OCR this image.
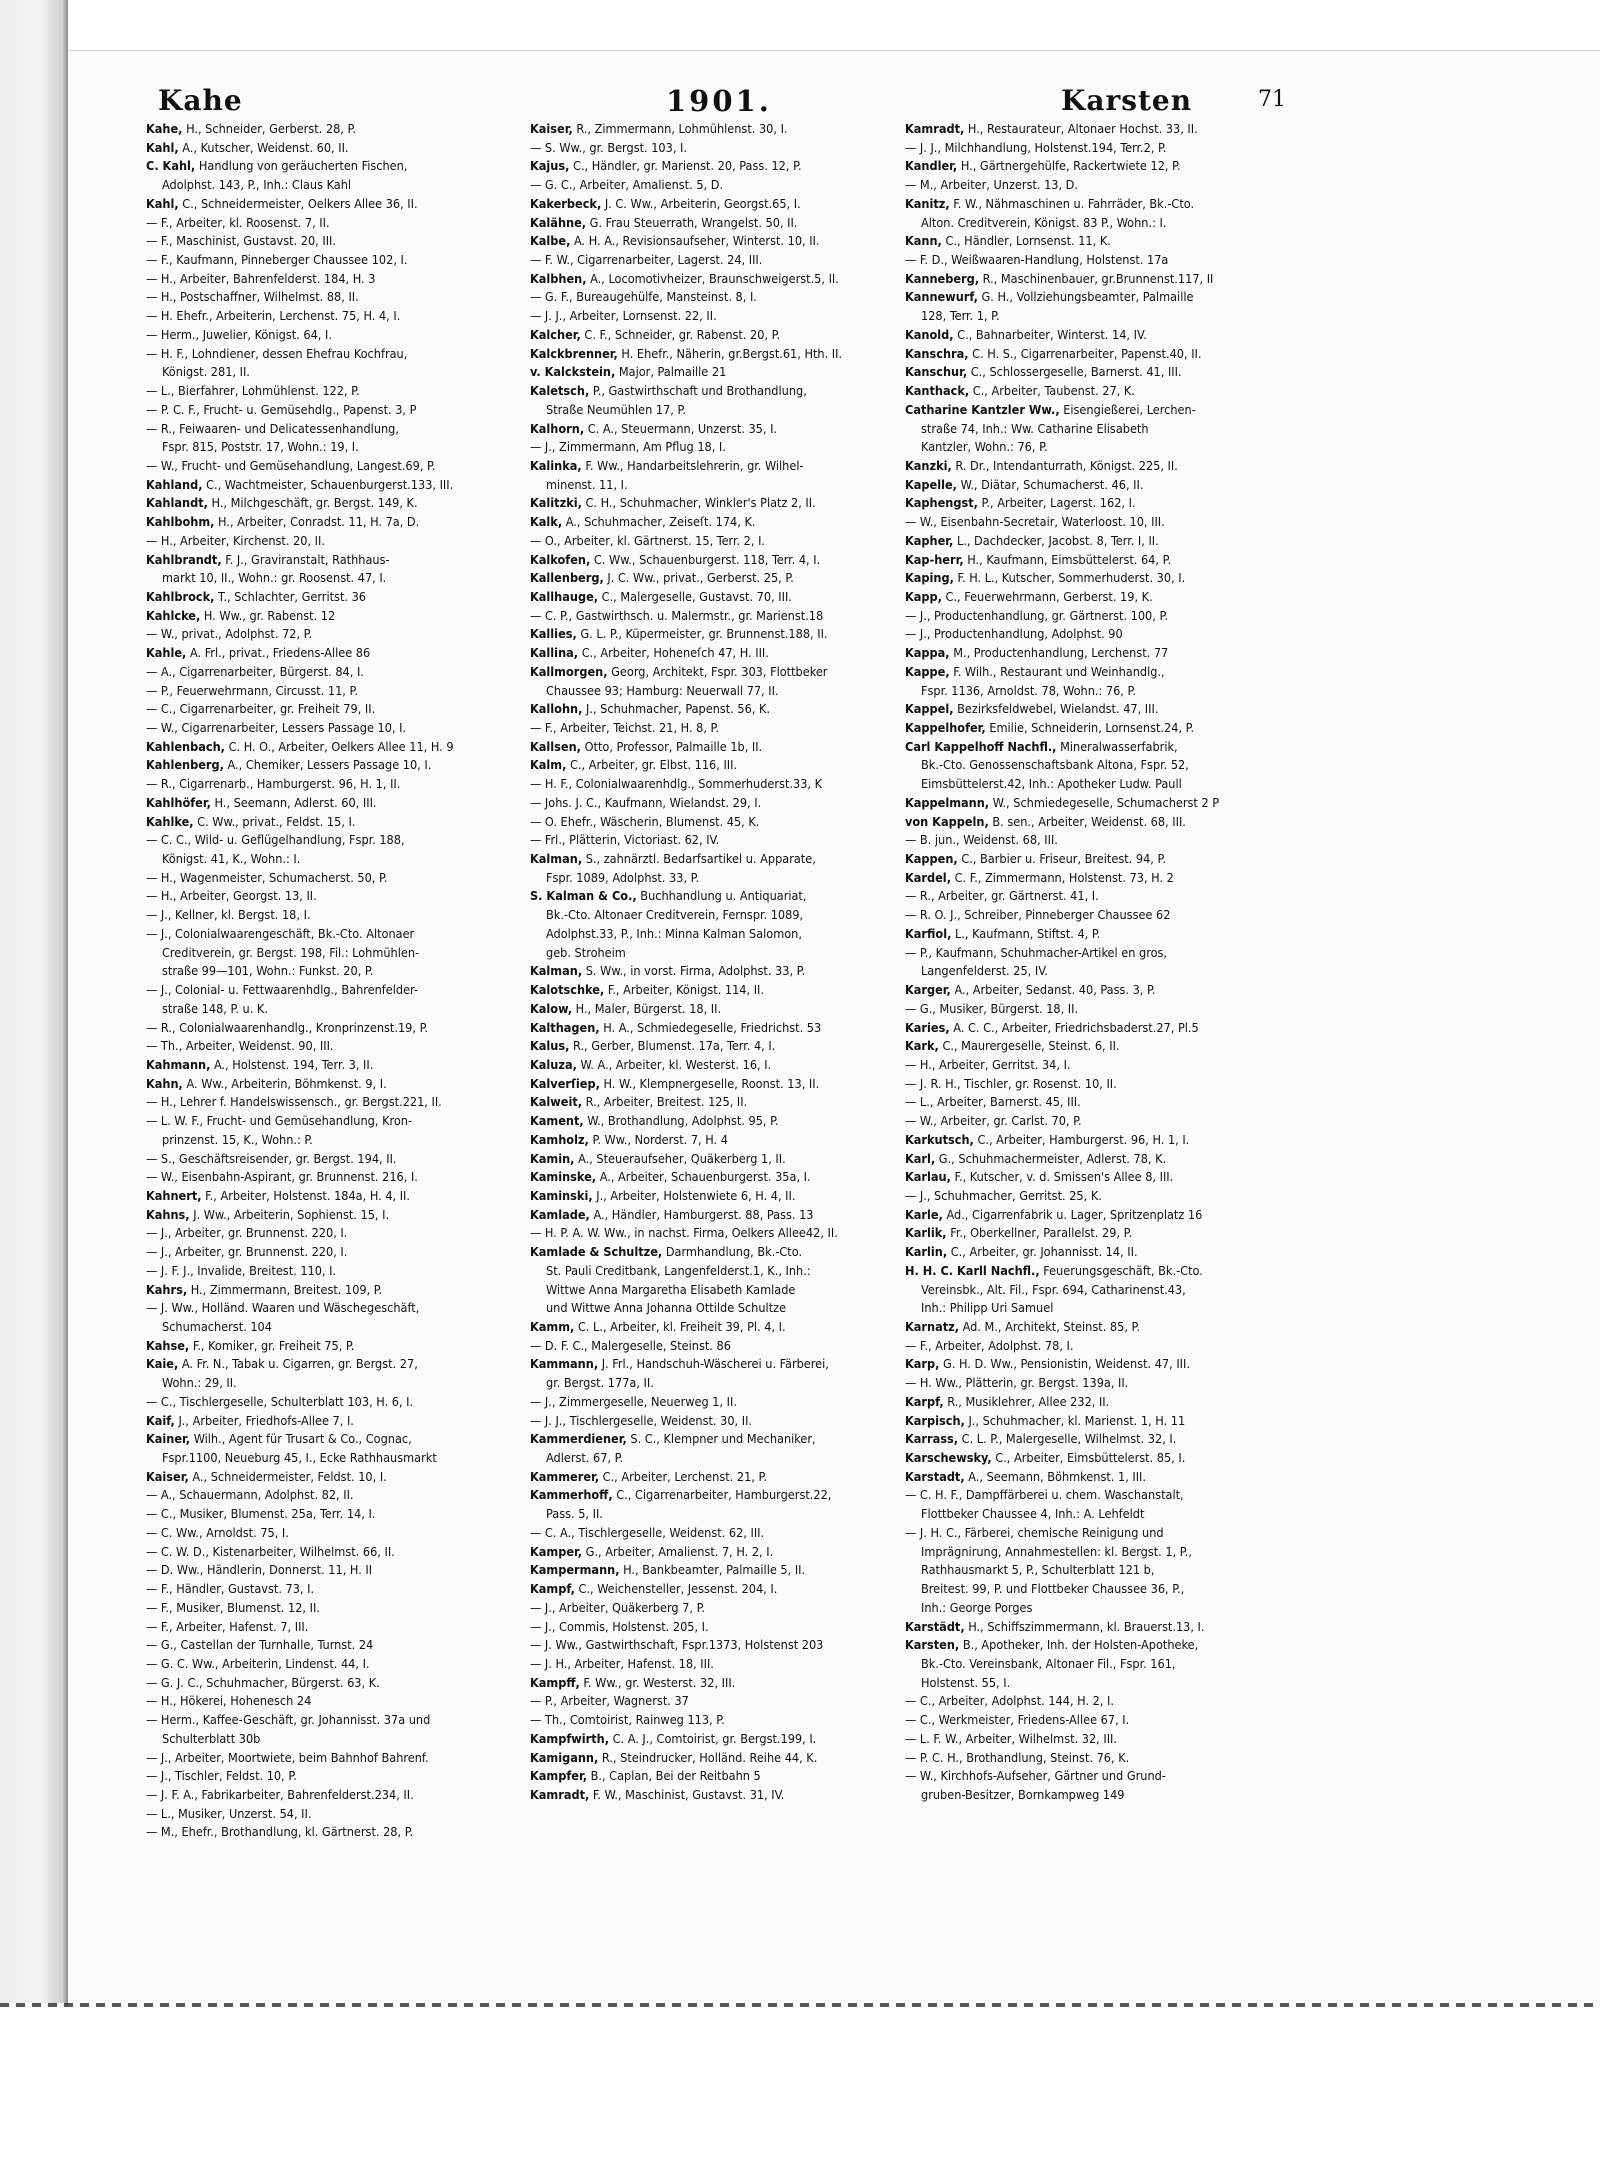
Kahe	1901.	Karsten	71
Kahe, H., Schneider, Gerberst. 28, P.
Kahl, A., Kutscher, Weidenst. 60, II.
C. Kahl, Handlung von geräucherten Fischen,
Adolphst. 143, P., Inh.: Claus Kahl
Kahl, C., Schneidermeister, Oelkers Allee 36, II.
— F., Arbeiter, kl. Roosenst. 7, II.
— F., Maschinist, Gustavst. 20, III.
— F., Kaufmann, Pinneberger Chaussee 102, I.
— H., Arbeiter, Bahrenfelderst. 184, H. 3
— H., Postschaffner, Wilhelmst. 88, II.
— H. Ehefr., Arbeiterin, Lerchenst. 75, H. 4, I.
— Herm., Juwelier, Königst. 64, I.
— H. F., Lohndiener, dessen Ehefrau Kochfrau,
Königst. 281, II.
— L., Bierfahrer, Lohmühlenst. 122, P.
— P. C. F., Frucht- u. Gemüsehdlg., Papenst. 3, P
— R., Feiwaaren- und Delicatessenhandlung,
Fspr. 815, Poststr. 17, Wohn.: 19, I.
— W., Frucht- und Gemüsehandlung, Langest.69, P.
Kahland, C., Wachtmeister, Schauenburgerst.133, III.
Kahlandt, H., Milchgeschäft, gr. Bergst. 149, K.
Kahlbohm, H., Arbeiter, Conradst. 11, H. 7a, D.
— H., Arbeiter, Kirchenst. 20, II.
Kahlbrandt, F. J., Graviranstalt, Rathhaus-
markt 10, II., Wohn.: gr. Roosenst. 47, I.
Kahlbrock, T., Schlachter, Gerritst. 36
Kahlcke, H. Ww., gr. Rabenst. 12
— W., privat., Adolphst. 72, P.
Kahle, A. Frl., privat., Friedens-Allee 86
— A., Cigarrenarbeiter, Bürgerst. 84, I.
— P., Feuerwehrmann, Circusst. 11, P.
— C., Cigarrenarbeiter, gr. Freiheit 79, II.
— W., Cigarrenarbeiter, Lessers Passage 10, I.
Kahlenbach, C. H. O., Arbeiter, Oelkers Allee 11, H. 9
Kahlenberg, A., Chemiker, Lessers Passage 10, I.
— R., Cigarrenarb., Hamburgerst. 96, H. 1, II.
Kahlhöfer, H., Seemann, Adlerst. 60, III.
Kahlke, C. Ww., privat., Feldst. 15, I.
— C. C., Wild- u. Geflügelhandlung, Fspr. 188,
Königst. 41, K., Wohn.: I.
— H., Wagenmeister, Schumacherst. 50, P.
— H., Arbeiter, Georgst. 13, II.
— J., Kellner, kl. Bergst. 18, I.
— J., Colonialwaarengeschäft, Bk.-Cto. Altonaer
Creditverein, gr. Bergst. 198, Fil.: Lohmühlen-
straße 99—101, Wohn.: Funkst. 20, P.
— J., Colonial- u. Fettwaarenhdlg., Bahrenfelder-
straße 148, P. u. K.
— R., Colonialwaarenhandlg., Kronprinzenst.19, P.
— Th., Arbeiter, Weidenst. 90, III.
Kahmann, A., Holstenst. 194, Terr. 3, II.
Kahn, A. Ww., Arbeiterin, Böhmkenst. 9, I.
— H., Lehrer f. Handelswissensch., gr. Bergst.221, II.
— L. W. F., Frucht- und Gemüsehandlung, Kron-
prinzenst. 15, K., Wohn.: P.
— S., Geschäftsreisender, gr. Bergst. 194, II.
— W., Eisenbahn-Aspirant, gr. Brunnenst. 216, I.
Kahnert, F., Arbeiter, Holstenst. 184a, H. 4, II.
Kahns, J. Ww., Arbeiterin, Sophienst. 15, I.
— J., Arbeiter, gr. Brunnenst. 220, I.
— J., Arbeiter, gr. Brunnenst. 220, I.
— J. F. J., Invalide, Breitest. 110, I.
Kahrs, H., Zimmermann, Breitest. 109, P.
— J. Ww., Holländ. Waaren und Wäschegeschäft,
Schumacherst. 104
Kahse, F., Komiker, gr. Freiheit 75, P.
Kaie, A. Fr. N., Tabak u. Cigarren, gr. Bergst. 27,
Wohn.: 29, II.
— C., Tischlergeselle, Schulterblatt 103, H. 6, I.
Kaif, J., Arbeiter, Friedhofs-Allee 7, I.
Kainer, Wilh., Agent für Trusart & Co., Cognac,
Fspr.1100, Neueburg 45, I., Ecke Rathhausmarkt
Kaiser, A., Schneidermeister, Feldst. 10, I.
— A., Schauermann, Adolphst. 82, II.
— C., Musiker, Blumenst. 25a, Terr. 14, I.
— C. Ww., Arnoldst. 75, I.
— C. W. D., Kistenarbeiter, Wilhelmst. 66, II.
— D. Ww., Händlerin, Donnerst. 11, H. II
— F., Händler, Gustavst. 73, I.
— F., Musiker, Blumenst. 12, II.
— F., Arbeiter, Hafenst. 7, III.
— G., Castellan der Turnhalle, Turnst. 24
— G. C. Ww., Arbeiterin, Lindenst. 44, I.
— G. J. C., Schuhmacher, Bürgerst. 63, K.
— H., Hökerei, Hohenesch 24
— Herm., Kaffee-Geschäft, gr. Johannisst. 37a und
Schulterblatt 30b
— J., Arbeiter, Moortwiete, beim Bahnhof Bahrenf.
— J., Tischler, Feldst. 10, P.
— J. F. A., Fabrikarbeiter, Bahrenfelderst.234, II.
— L., Musiker, Unzerst. 54, II.
— M., Ehefr., Brothandlung, kl. Gärtnerst. 28, P.
Kaiser, R., Zimmermann, Lohmühlenst. 30, I.
— S. Ww., gr. Bergst. 103, I.
Kajus, C., Händler, gr. Marienst. 20, Pass. 12, P.
— G. C., Arbeiter, Amalienst. 5, D.
Kakerbeck, J. C. Ww., Arbeiterin, Georgst.65, I.
Kalähne, G. Frau Steuerrath, Wrangelst. 50, II.
Kalbe, A. H. A., Revisionsaufseher, Winterst. 10, II.
— F. W., Cigarrenarbeiter, Lagerst. 24, III.
Kalbhen, A., Locomotivheizer, Braunschweigerst.5, II.
— G. F., Bureaugehülfe, Mansteinst. 8, I.
— J. J., Arbeiter, Lornsenst. 22, II.
Kalcher, C. F., Schneider, gr. Rabenst. 20, P.
Kalckbrenner, H. Ehefr., Näherin, gr.Bergst.61, Hth. II.
v. Kalckstein, Major, Palmaille 21
Kaletsch, P., Gastwirthschaft und Brothandlung,
Straße Neumühlen 17, P.
Kalhorn, C. A., Steuermann, Unzerst. 35, I.
— J., Zimmermann, Am Pflug 18, I.
Kalinka, F. Ww., Handarbeitslehrerin, gr. Wilhel-
minenst. 11, I.
Kalitzki, C. H., Schuhmacher, Winkler's Platz 2, II.
Kalk, A., Schuhmacher, Zeiseſt. 174, K.
— O., Arbeiter, kl. Gärtnerst. 15, Terr. 2, I.
Kalkofen, C. Ww., Schauenburgerst. 118, Terr. 4, I.
Kallenberg, J. C. Ww., privat., Gerberst. 25, P.
Kallhauge, C., Malergeselle, Gustavst. 70, III.
— C. P., Gastwirthsch. u. Malermstr., gr. Marienst.18
Kallies, G. L. P., Küpermeister, gr. Brunnenst.188, II.
Kallina, C., Arbeiter, Hoheneſch 47, H. III.
Kallmorgen, Georg, Architekt, Fspr. 303, Flottbeker
Chaussee 93; Hamburg: Neuerwall 77, II.
Kallohn, J., Schuhmacher, Papenst. 56, K.
— F., Arbeiter, Teichst. 21, H. 8, P.
Kallsen, Otto, Professor, Palmaille 1b, II.
Kalm, C., Arbeiter, gr. Elbst. 116, III.
— H. F., Colonialwaarenhdlg., Sommerhuderst.33, K
— Johs. J. C., Kaufmann, Wielandst. 29, I.
— O. Ehefr., Wäscherin, Blumenst. 45, K.
— Frl., Plätterin, Victoriast. 62, IV.
Kalman, S., zahnärztl. Bedarfsartikel u. Apparate,
Fspr. 1089, Adolphst. 33, P.
S. Kalman & Co., Buchhandlung u. Antiquariat,
Bk.-Cto. Altonaer Creditverein, Fernspr. 1089,
Adolphst.33, P., Inh.: Minna Kalman Salomon,
geb. Stroheim
Kalman, S. Ww., in vorst. Firma, Adolphst. 33, P.
Kalotschke, F., Arbeiter, Königst. 114, II.
Kalow, H., Maler, Bürgerst. 18, II.
Kalthagen, H. A., Schmiedegeselle, Friedrichst. 53
Kalus, R., Gerber, Blumenst. 17a, Terr. 4, I.
Kaluza, W. A., Arbeiter, kl. Westerst. 16, I.
Kalverſiep, H. W., Klempnergeselle, Roonst. 13, II.
Kalweit, R., Arbeiter, Breitest. 125, II.
Kament, W., Brothandlung, Adolphst. 95, P.
Kamholz, P. Ww., Norderst. 7, H. 4
Kamin, A., Steueraufseher, Quäkerberg 1, II.
Kaminske, A., Arbeiter, Schauenburgerst. 35a, I.
Kaminski, J., Arbeiter, Holstenwiete 6, H. 4, II.
Kamlade, A., Händler, Hamburgerst. 88, Pass. 13
— H. P. A. W. Ww., in nachst. Firma, Oelkers Allee42, II.
Kamlade & Schultze, Darmhandlung, Bk.-Cto.
St. Pauli Creditbank, Langenfelderst.1, K., Inh.:
Wittwe Anna Margaretha Elisabeth Kamlade
und Wittwe Anna Johanna Ottilde Schultze
Kamm, C. L., Arbeiter, kl. Freiheit 39, Pl. 4, I.
— D. F. C., Malergeselle, Steinst. 86
Kammann, J. Frl., Handschuh-Wäscherei u. Färberei,
gr. Bergst. 177a, II.
— J., Zimmergeselle, Neuerweg 1, II.
— J. J., Tischlergeselle, Weidenst. 30, II.
Kammerdiener, S. C., Klempner und Mechaniker,
Adlerst. 67, P.
Kammerer, C., Arbeiter, Lerchenst. 21, P.
Kammerhoff, C., Cigarrenarbeiter, Hamburgerst.22,
Pass. 5, II.
— C. A., Tischlergeselle, Weidenst. 62, III.
Kamper, G., Arbeiter, Amalienst. 7, H. 2, I.
Kampermann, H., Bankbeamter, Palmaille 5, II.
Kampf, C., Weichensteller, Jessenst. 204, I.
— J., Arbeiter, Quäkerberg 7, P.
— J., Commis, Holstenst. 205, I.
— J. Ww., Gastwirthschaft, Fspr.1373, Holstenst 203
— J. H., Arbeiter, Hafenst. 18, III.
Kampff, F. Ww., gr. Westerst. 32, III.
— P., Arbeiter, Wagnerst. 37
— Th., Comtoirist, Rainweg 113, P.
Kampfwirth, C. A. J., Comtoirist, gr. Bergst.199, I.
Kamigann, R., Steindrucker, Holländ. Reihe 44, K.
Kampfer, B., Caplan, Bei der Reitbahn 5
Kamradt, F. W., Maschinist, Gustavst. 31, IV.
Kamradt, H., Restaurateur, Altonaer Hochst. 33, II.
— J. J., Milchhandlung, Holstenst.194, Terr.2, P.
Kandler, H., Gärtnergehülfe, Rackertwiete 12, P.
— M., Arbeiter, Unzerst. 13, D.
Kanitz, F. W., Nähmaschinen u. Fahrräder, Bk.-Cto.
Alton. Creditverein, Königst. 83 P., Wohn.: I.
Kann, C., Händler, Lornsenst. 11, K.
— F. D., Weißwaaren-Handlung, Holstenst. 17a
Kanneberg, R., Maschinenbauer, gr.Brunnenst.117, II
Kannewurf, G. H., Vollziehungsbeamter, Palmaille
128, Terr. 1, P.
Kanold, C., Bahnarbeiter, Winterst. 14, IV.
Kanschra, C. H. S., Cigarrenarbeiter, Papenst.40, II.
Kanschur, C., Schlossergeselle, Barnerst. 41, III.
Kanthack, C., Arbeiter, Taubenst. 27, K.
Catharine Kantzler Ww., Eisengießerei, Lerchen-
straße 74, Inh.: Ww. Catharine Elisabeth
Kantzler, Wohn.: 76, P.
Kanzki, R. Dr., Intendanturrath, Königst. 225, II.
Kapelle, W., Diätar, Schumacherst. 46, II.
Kaphengst, P., Arbeiter, Lagerst. 162, I.
— W., Eisenbahn-Secretair, Waterloost. 10, III.
Kapher, L., Dachdecker, Jacobst. 8, Terr. I, II.
Kap-herr, H., Kaufmann, Eimsbüttelerst. 64, P.
Kaping, F. H. L., Kutscher, Sommerhuderst. 30, I.
Kapp, C., Feuerwehrmann, Gerberst. 19, K.
— J., Productenhandlung, gr. Gärtnerst. 100, P.
— J., Productenhandlung, Adolphst. 90
Kappa, M., Productenhandlung, Lerchenst. 77
Kappe, F. Wilh., Restaurant und Weinhandlg.,
Fspr. 1136, Arnoldst. 78, Wohn.: 76, P.
Kappel, Bezirksfeldwebel, Wielandst. 47, III.
Kappelhofer, Emilie, Schneiderin, Lornsenst.24, P.
Carl Kappelhoff Nachfl., Mineralwasserfabrik,
Bk.-Cto. Genossenschaftsbank Altona, Fspr. 52,
Eimsbüttelerst.42, Inh.: Apotheker Ludw. Paull
Kappelmann, W., Schmiedegeselle, Schumacherst 2 P
von Kappeln, B. sen., Arbeiter, Weidenst. 68, III.
— B. jun., Weidenst. 68, III.
Kappen, C., Barbier u. Friseur, Breitest. 94, P.
Kardel, C. F., Zimmermann, Holstenst. 73, H. 2
— R., Arbeiter, gr. Gärtnerst. 41, I.
— R. O. J., Schreiber, Pinneberger Chaussee 62
Karfiol, L., Kaufmann, Stiftst. 4, P.
— P., Kaufmann, Schuhmacher-Artikel en gros,
Langenfelderst. 25, IV.
Karger, A., Arbeiter, Sedanst. 40, Pass. 3, P.
— G., Musiker, Bürgerst. 18, II.
Karies, A. C. C., Arbeiter, Friedrichsbaderst.27, Pl.5
Kark, C., Maurergeselle, Steinst. 6, II.
— H., Arbeiter, Gerritst. 34, I.
— J. R. H., Tischler, gr. Rosenst. 10, II.
— L., Arbeiter, Barnerst. 45, III.
— W., Arbeiter, gr. Carlst. 70, P.
Karkutsch, C., Arbeiter, Hamburgerst. 96, H. 1, I.
Karl, G., Schuhmachermeister, Adlerst. 78, K.
Karlau, F., Kutscher, v. d. Smissen's Allee 8, III.
— J., Schuhmacher, Gerritst. 25, K.
Karle, Ad., Cigarrenfabrik u. Lager, Spritzenplatz 16
Karlik, Fr., Oberkellner, Parallelst. 29, P.
Karlin, C., Arbeiter, gr. Johannisst. 14, II.
H. H. C. Karll Nachfl., Feuerungsgeschäft, Bk.-Cto.
Vereinsbk., Alt. Fil., Fspr. 694, Catharinenst.43,
Inh.: Philipp Uri Samuel
Karnatz, Ad. M., Architekt, Steinst. 85, P.
— F., Arbeiter, Adolphst. 78, I.
Karp, G. H. D. Ww., Pensionistin, Weidenst. 47, III.
— H. Ww., Plätterin, gr. Bergst. 139a, II.
Karpf, R., Musiklehrer, Allee 232, II.
Karpisch, J., Schuhmacher, kl. Marienst. 1, H. 11
Karrass, C. L. P., Malergeselle, Wilhelmst. 32, I.
Karschewsky, C., Arbeiter, Eimsbüttelerst. 85, I.
Karstadt, A., Seemann, Böhmkenst. 1, III.
— C. H. F., Dampffärberei u. chem. Waschanstalt,
Flottbeker Chaussee 4, Inh.: A. Lehfeldt
— J. H. C., Färberei, chemische Reinigung und
Imprägnirung, Annahmestellen: kl. Bergst. 1, P.,
Rathhausmarkt 5, P., Schulterblatt 121 b,
Breitest. 99, P. und Flottbeker Chaussee 36, P.,
Inh.: George Porges
Karstädt, H., Schiffszimmermann, kl. Brauerst.13, I.
Karsten, B., Apotheker, Inh. der Holsten-Apotheke,
Bk.-Cto. Vereinsbank, Altonaer Fil., Fspr. 161,
Holstenst. 55, I.
— C., Arbeiter, Adolphst. 144, H. 2, I.
— C., Werkmeister, Friedens-Allee 67, I.
— L. F. W., Arbeiter, Wilhelmst. 32, III.
— P. C. H., Brothandlung, Steinst. 76, K.
— W., Kirchhofs-Aufseher, Gärtner und Grund-
gruben-Besitzer, Bornkampweg 149
